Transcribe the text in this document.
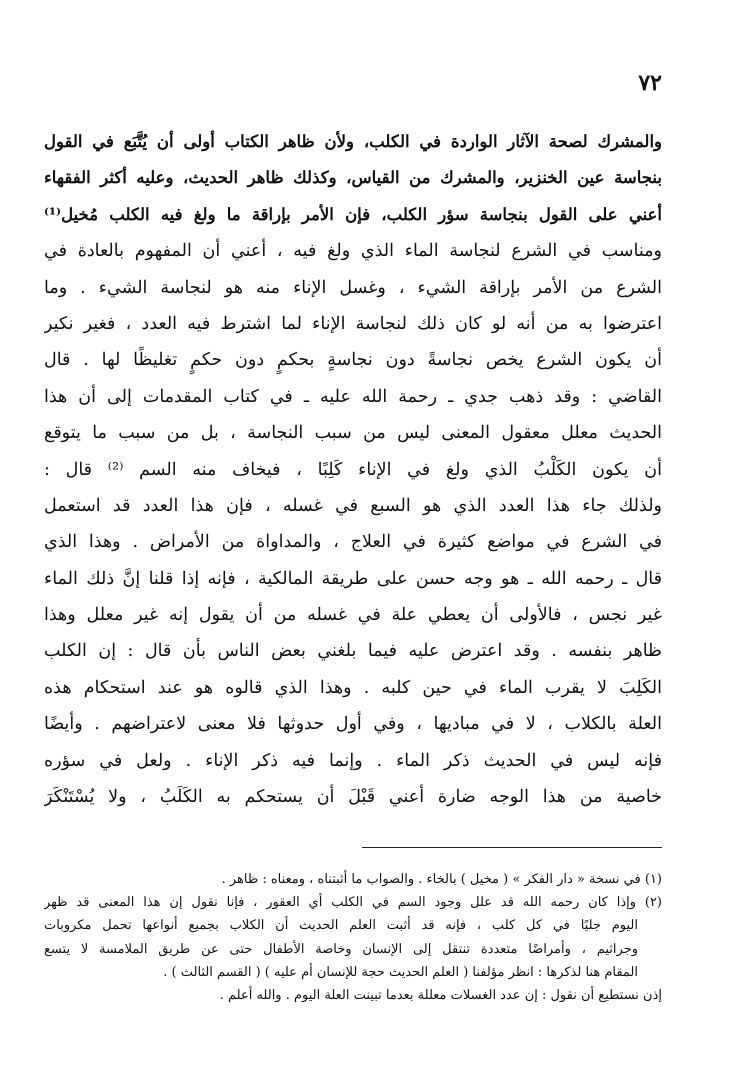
٧٢
والمشرك لصحة الآثار الواردة في الكلب، ولأن ظاهر الكتاب أولى أن يُتَّبَع في القول
بنجاسة عين الخنزير، والمشرك من القياس، وكذلك ظاهر الحديث، وعليه أكثر الفقهاء
أعني على القول بنجاسة سؤر الكلب، فإن الأمر بإراقة ما ولغ فيه الكلب مُخيل⁽¹⁾
ومناسب في الشرع لنجاسة الماء الذي ولغ فيه ، أعني أن المفهوم بالعادة في
الشرع من الأمر بإراقة الشيء ، وغسل الإناء منه هو لنجاسة الشيء . وما
اعترضوا به من أنه لو كان ذلك لنجاسة الإناء لما اشترط فيه العدد ، فغير نكير
أن يكون الشرع يخص نجاسةً دون نجاسةٍ بحكمٍ دون حكمٍ تغليظًا لها . قال
القاضي : وقد ذهب جدي ـ رحمة الله عليه ـ في كتاب المقدمات إلى أن هذا
الحديث معلل معقول المعنى ليس من سبب النجاسة ، بل من سبب ما يتوقع
أن يكون الكَلْبُ الذي ولغ في الإناء كَلِبًا ، فيخاف منه السم ⁽²⁾ قال :
ولذلك جاء هذا العدد الذي هو السبع في غسله ، فإن هذا العدد قد استعمل
في الشرع في مواضع كثيرة في العلاج ، والمداواة من الأمراض . وهذا الذي
قال ـ رحمه الله ـ هو وجه حسن على طريقة المالكية ، فإنه إذا قلنا إنَّ ذلك الماء
غير نجس ، فالأولى أن يعطي علة في غسله من أن يقول إنه غير معلل وهذا
ظاهر بنفسه . وقد اعترض عليه فيما بلغني بعض الناس بأن قال : إن الكلب
الكَلِبَ لا يقرب الماء في حين كلبه . وهذا الذي قالوه هو عند استحكام هذه
العلة بالكلاب ، لا في مباديها ، وفي أول حدوثها فلا معنى لاعتراضهم . وأيضًا
فإنه ليس في الحديث ذكر الماء . وإنما فيه ذكر الإناء . ولعل في سؤره
خاصية من هذا الوجه ضارة أعني قَبْلَ أن يستحكم به الكَلَبُ ، ولا يُسْتَنْكَرَ
(١) في نسخة « دار الفكر » ( مخيل ) بالخاء . والصواب ما أثبتناه ، ومعناه : ظاهر .
(٢) وإذا كان رحمه الله قد علل وجود السم في الكلب أي العقور ، فإنا نقول إن هذا المعنى قد ظهر
اليوم جليًا في كل كلب ، فإنه قد أثبت العلم الحديث أن الكلاب بجميع أنواعها تحمل مكروبات
وجراثيم ، وأمراضًا متعددة تنتقل إلى الإنسان وخاصة الأطفال حتى عن طريق الملامسة لا يتسع
المقام هنا لذكرها : انظر مؤلفنا ( العلم الحديث حجة للإنسان أم عليه ) ( القسم الثالث ) .
إذن نستطيع أن نقول : إن عدد الغسلات معللة بعدما تبينت العلة اليوم . والله أعلم .
